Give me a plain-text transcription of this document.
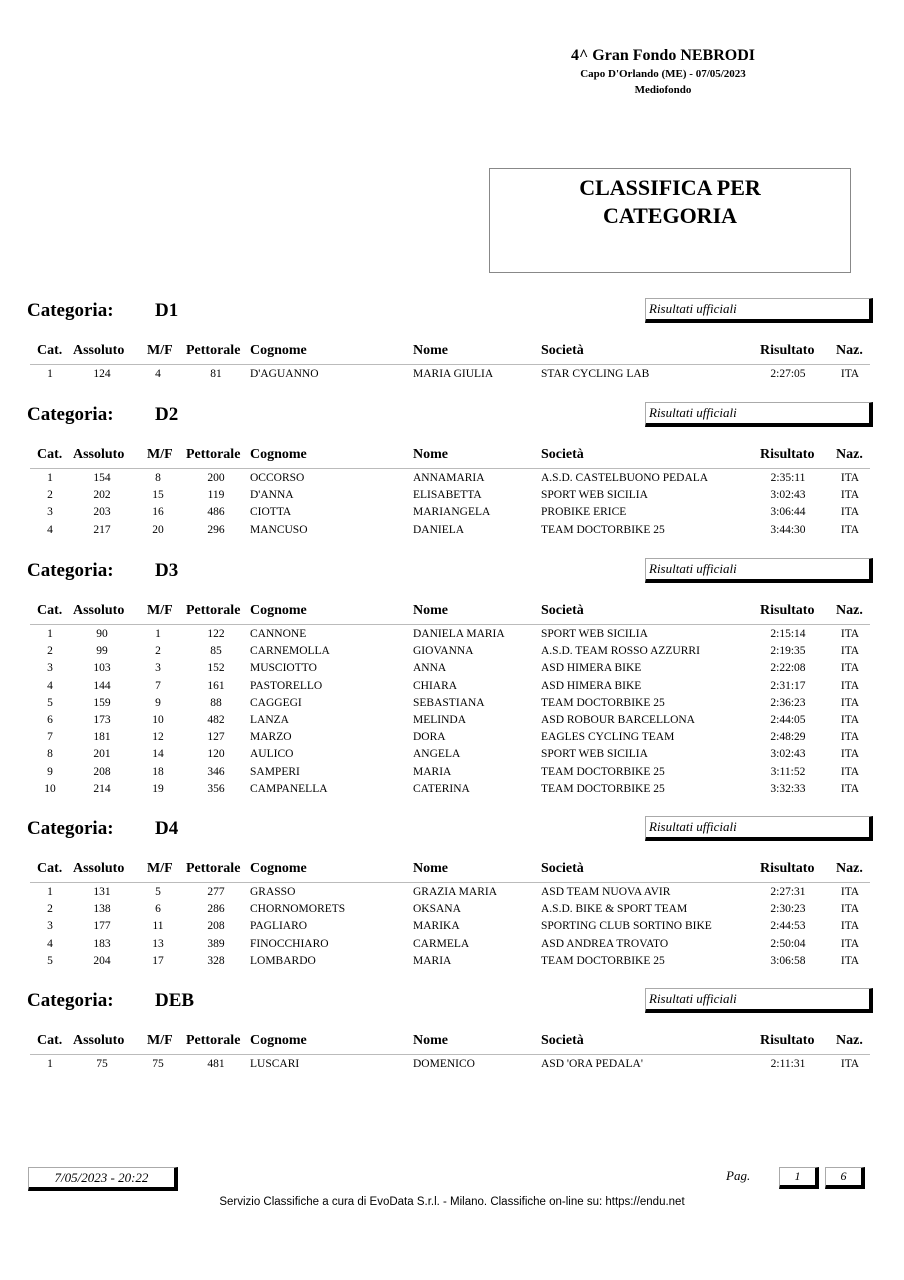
4^ Gran Fondo NEBRODI
Capo D'Orlando (ME) - 07/05/2023
Mediofondo
CLASSIFICA PER
CATEGORIA
Categoria: D1	Risultati ufficiali
Cat. Assoluto	M/F Pettorale Cognome	Nome	Società	Risultato	Naz.
1	124	4	81	D'AGUANNO	MARIA GIULIA	STAR CYCLING LAB	2:27:05	ITA
Categoria: D2	Risultati ufficiali
Cat. Assoluto	M/F Pettorale Cognome	Nome	Società	Risultato	Naz.
1	154	8	200	OCCORSO	ANNAMARIA	A.S.D. CASTELBUONO PEDALA	2:35:11	ITA
2	202	15	119	D'ANNA	ELISABETTA	SPORT WEB SICILIA	3:02:43	ITA
3	203	16	486	CIOTTA	MARIANGELA	PROBIKE ERICE	3:06:44	ITA
4	217	20	296	MANCUSO	DANIELA	TEAM DOCTORBIKE 25	3:44:30	ITA
Categoria: D3	Risultati ufficiali
Cat. Assoluto	M/F Pettorale Cognome	Nome	Società	Risultato	Naz.
1	90	1	122	CANNONE	DANIELA MARIA	SPORT WEB SICILIA	2:15:14	ITA
2	99	2	85	CARNEMOLLA	GIOVANNA	A.S.D. TEAM ROSSO AZZURRI	2:19:35	ITA
3	103	3	152	MUSCIOTTO	ANNA	ASD HIMERA BIKE	2:22:08	ITA
4	144	7	161	PASTORELLO	CHIARA	ASD HIMERA BIKE	2:31:17	ITA
5	159	9	88	CAGGEGI	SEBASTIANA	TEAM DOCTORBIKE 25	2:36:23	ITA
6	173	10	482	LANZA	MELINDA	ASD ROBOUR BARCELLONA	2:44:05	ITA
7	181	12	127	MARZO	DORA	EAGLES CYCLING TEAM	2:48:29	ITA
8	201	14	120	AULICO	ANGELA	SPORT WEB SICILIA	3:02:43	ITA
9	208	18	346	SAMPERI	MARIA	TEAM DOCTORBIKE 25	3:11:52	ITA
10	214	19	356	CAMPANELLA	CATERINA	TEAM DOCTORBIKE 25	3:32:33	ITA
Categoria: D4	Risultati ufficiali
Cat. Assoluto	M/F Pettorale Cognome	Nome	Società	Risultato	Naz.
1	131	5	277	GRASSO	GRAZIA MARIA	ASD TEAM NUOVA AVIR	2:27:31	ITA
2	138	6	286	CHORNOMORETS	OKSANA	A.S.D. BIKE & SPORT TEAM	2:30:23	ITA
3	177	11	208	PAGLIARO	MARIKA	SPORTING CLUB SORTINO BIKE	2:44:53	ITA
4	183	13	389	FINOCCHIARO	CARMELA	ASD ANDREA TROVATO	2:50:04	ITA
5	204	17	328	LOMBARDO	MARIA	TEAM DOCTORBIKE 25	3:06:58	ITA
Categoria: DEB	Risultati ufficiali
Cat. Assoluto	M/F Pettorale Cognome	Nome	Società	Risultato	Naz.
1	75	75	481	LUSCARI	DOMENICO	ASD 'ORA PEDALA'	2:11:31	ITA
7/05/2023 - 20:22	Pag.	1	6
Servizio Classifiche a cura di EvoData S.r.l. - Milano. Classifiche on-line su: https://endu.net
